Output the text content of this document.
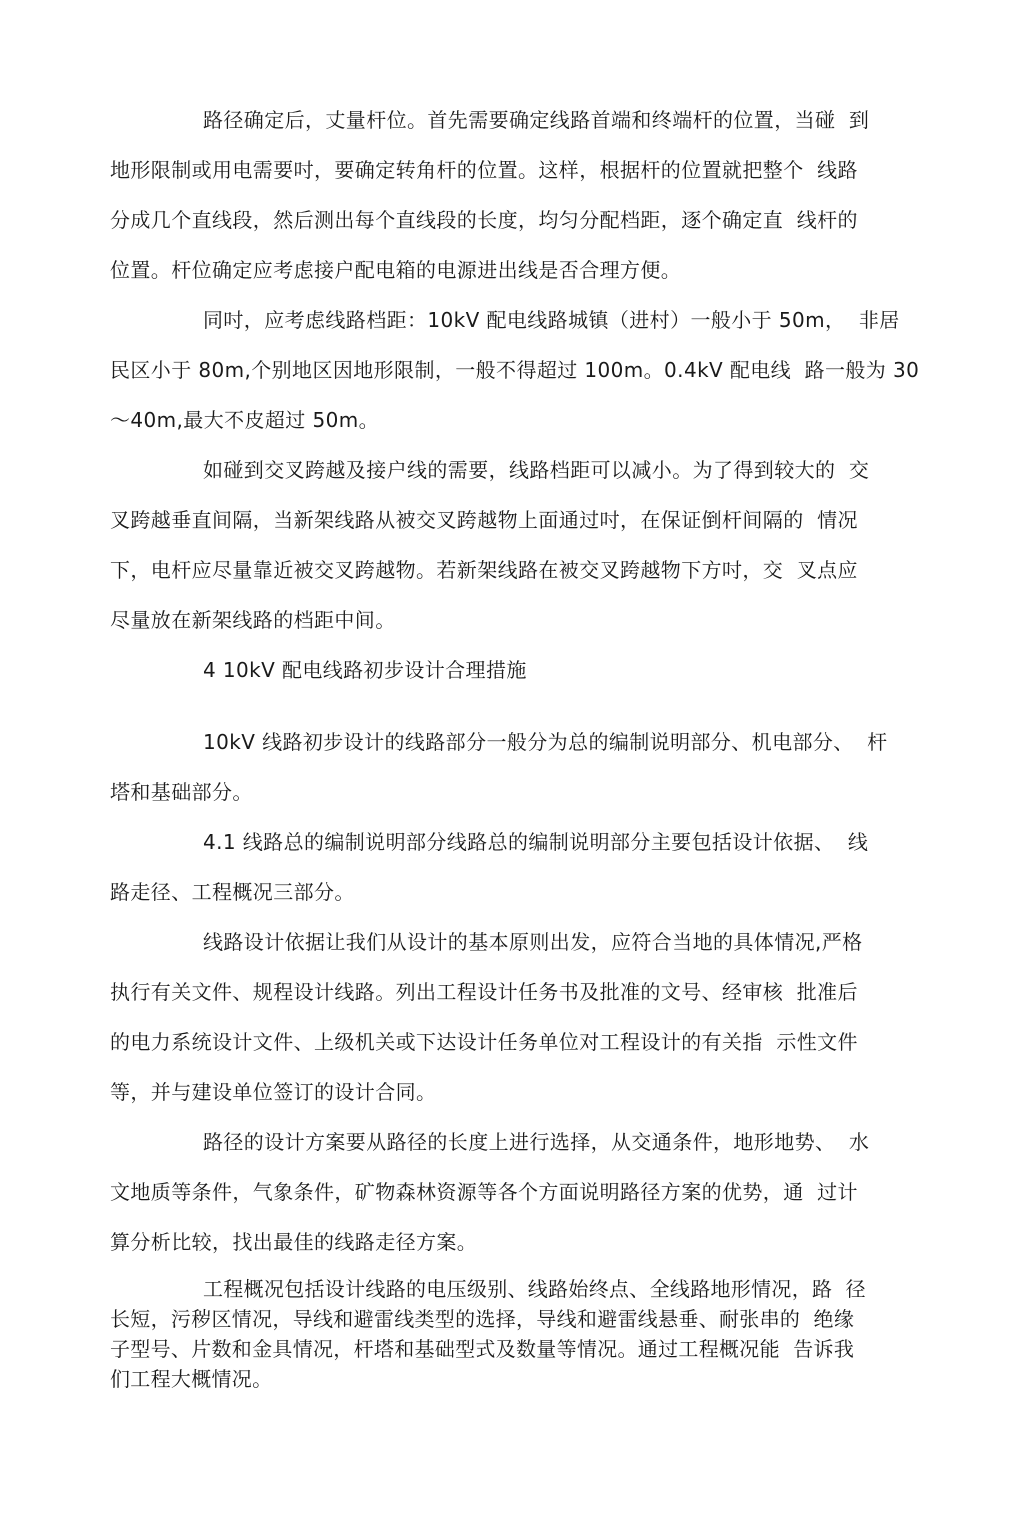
路径确定后，丈量杆位。首先需要确定线路首端和终端杆的位置，当碰  到

地形限制或用电需要吋，要确定转角杆的位置。这样，根据杆的位置就把整个  线路

分成几个直线段，然后测出每个直线段的长度，均匀分配档距，逐个确定直  线杆的

位置。杆位确定应考虑接户配电箱的电源进出线是否合理方便。

同吋，应考虑线路档距：10kV 配电线路城镇（进村）一般小于 50m，  非居

民区小于 80m,个别地区因地形限制，一般不得超过 100m。0.4kV 配电线  路一般为 30

～40m,最大不皮超过 50m。

如碰到交叉跨越及接户线的需要，线路档距可以减小。为了得到较大的  交

叉跨越垂直间隔，当新架线路从被交叉跨越物上面通过吋，在保证倒杆间隔的  情况

下，电杆应尽量靠近被交叉跨越物。若新架线路在被交叉跨越物下方吋，交  叉点应

尽量放在新架线路的档距中间。

4 10kV 配电线路初步设计合理措施

10kV 线路初步设计的线路部分一般分为总的编制说明部分、机电部分、  杆

塔和基础部分。

4.1 线路总的编制说明部分线路总的编制说明部分主要包括设计依据、  线

路走径、工程概况三部分。

线路设计依据让我们从设计的基本原则出发，应符合当地的具体情况,严格

执行有关文件、规程设计线路。列出工程设计任务书及批准的文号、经审核  批准后

的电力系统设计文件、上级机关或下达设计任务单位对工程设计的有关指  示性文件

等，并与建设单位签订的设计合同。

路径的设计方案要从路径的长度上进行选择，从交通条件，地形地势、  水

文地质等条件，气象条件，矿物森林资源等各个方面说明路径方案的优势，通  过计

算分析比较，找出最佳的线路走径方案。

工程概况包括设计线路的电压级别、线路始终点、全线路地形情况，路  径

长短，污秽区情况，导线和避雷线类型的选择，导线和避雷线悬垂、耐张串的  绝缘

子型号、片数和金具情况，杆塔和基础型式及数量等情况。通过工程概况能  告诉我

们工程大概情况。
